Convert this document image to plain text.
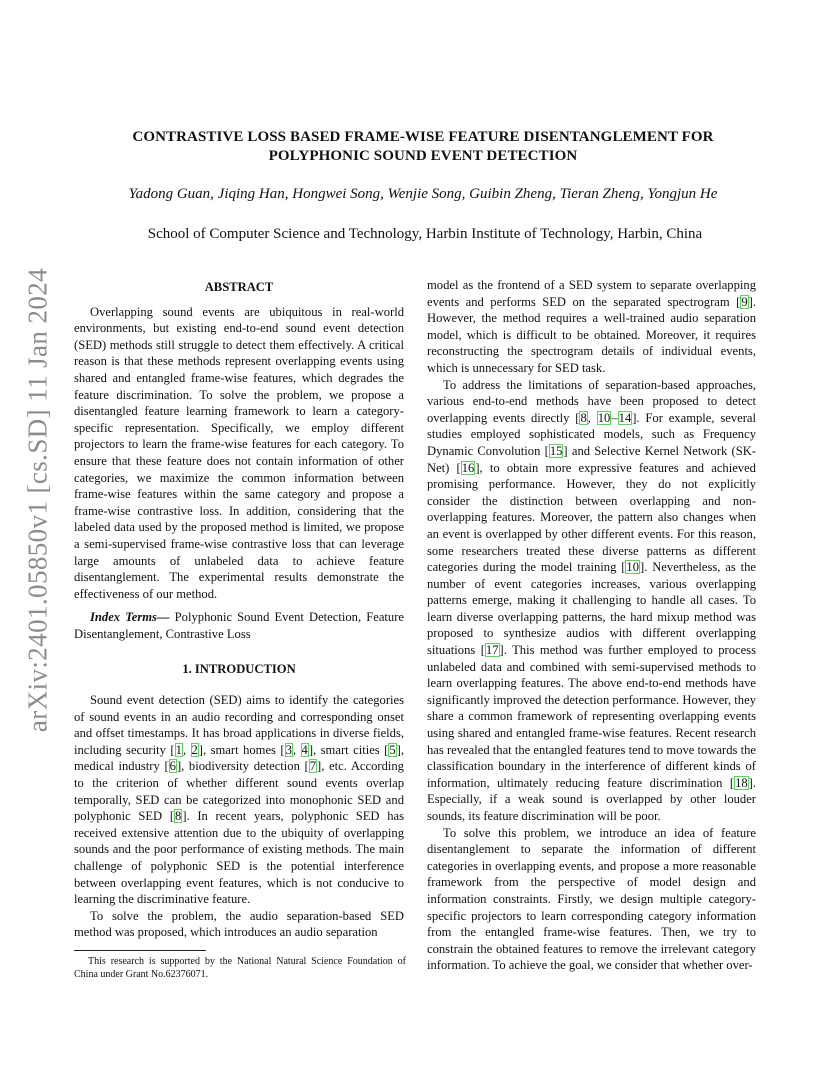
arXiv:2401.05850v1 [cs.SD] 11 Jan 2024
CONTRASTIVE LOSS BASED FRAME-WISE FEATURE DISENTANGLEMENT FOR POLYPHONIC SOUND EVENT DETECTION

Yadong Guan, Jiqing Han, Hongwei Song, Wenjie Song, Guibin Zheng, Tieran Zheng, Yongjun He

School of Computer Science and Technology, Harbin Institute of Technology, Harbin, China

ABSTRACT

Overlapping sound events are ubiquitous in real-world environments, but existing end-to-end sound event detection (SED) methods still struggle to detect them effectively. A critical reason is that these methods represent overlapping events using shared and entangled frame-wise features, which degrades the feature discrimination. To solve the problem, we propose a disentangled feature learning framework to learn a category-specific representation. Specifically, we employ different projectors to learn the frame-wise features for each category. To ensure that these feature does not contain information of other categories, we maximize the common information between frame-wise features within the same category and propose a frame-wise contrastive loss. In addition, considering that the labeled data used by the proposed method is limited, we propose a semi-supervised frame-wise contrastive loss that can leverage large amounts of unlabeled data to achieve feature disentanglement. The experimental results demonstrate the effectiveness of our method.

Index Terms— Polyphonic Sound Event Detection, Feature Disentanglement, Contrastive Loss

1. INTRODUCTION

Sound event detection (SED) aims to identify the categories of sound events in an audio recording and corresponding onset and offset timestamps. It has broad applications in diverse fields, including security [1, 2], smart homes [3, 4], smart cities [5], medical industry [6], biodiversity detection [7], etc. According to the criterion of whether different sound events overlap temporally, SED can be categorized into monophonic SED and polyphonic SED [8]. In recent years, polyphonic SED has received extensive attention due to the ubiquity of overlapping sounds and the poor performance of existing methods. The main challenge of polyphonic SED is the potential interference between overlapping event features, which is not conducive to learning the discriminative feature.

To solve the problem, the audio separation-based SED method was proposed, which introduces an audio separation

model as the frontend of a SED system to separate overlapping events and performs SED on the separated spectrogram [9]. However, the method requires a well-trained audio separation model, which is difficult to be obtained. Moreover, it requires reconstructing the spectrogram details of individual events, which is unnecessary for SED task.

To address the limitations of separation-based approaches, various end-to-end methods have been proposed to detect overlapping events directly [8, 10–14]. For example, several studies employed sophisticated models, such as Frequency Dynamic Convolution [15] and Selective Kernel Network (SK-Net) [16], to obtain more expressive features and achieved promising performance. However, they do not explicitly consider the distinction between overlapping and non-overlapping features. Moreover, the pattern also changes when an event is overlapped by other different events. For this reason, some researchers treated these diverse patterns as different categories during the model training [10]. Nevertheless, as the number of event categories increases, various overlapping patterns emerge, making it challenging to handle all cases. To learn diverse overlapping patterns, the hard mixup method was proposed to synthesize audios with different overlapping situations [17]. This method was further employed to process unlabeled data and combined with semi-supervised methods to learn overlapping features. The above end-to-end methods have significantly improved the detection performance. However, they share a common framework of representing overlapping events using shared and entangled frame-wise features. Recent research has revealed that the entangled features tend to move towards the classification boundary in the interference of different kinds of information, ultimately reducing feature discrimination [18]. Especially, if a weak sound is overlapped by other louder sounds, its feature discrimination will be poor.

To solve this problem, we introduce an idea of feature disentanglement to separate the information of different categories in overlapping events, and propose a more reasonable framework from the perspective of model design and information constraints. Firstly, we design multiple category-specific projectors to learn corresponding category information from the entangled frame-wise features. Then, we try to constrain the obtained features to remove the irrelevant category information. To achieve the goal, we consider that whether over-

This research is supported by the National Natural Science Foundation of China under Grant No.62376071.
